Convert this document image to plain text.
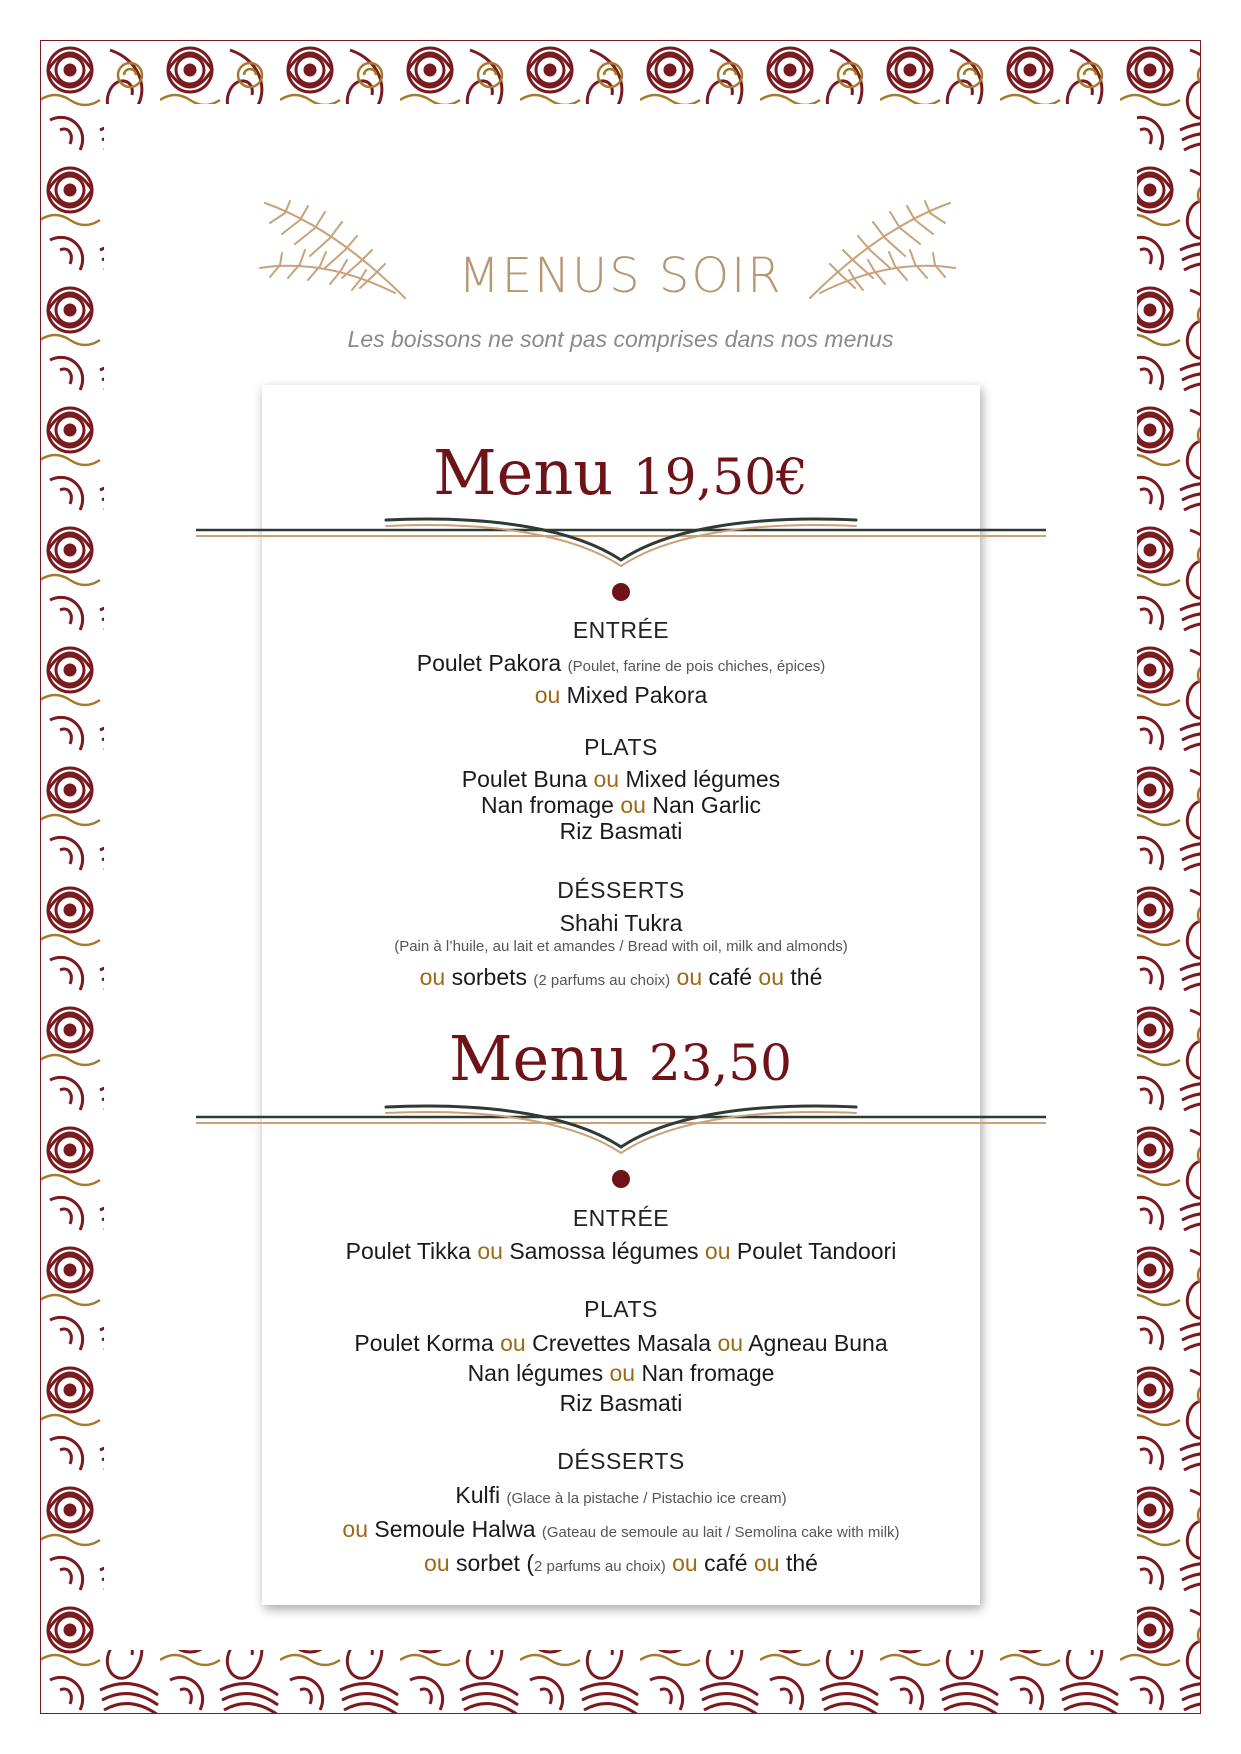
MENUS SOIR
Les boissons ne sont pas comprises dans nos menus
Menu 19,50€
ENTRÉE
Poulet Pakora (Poulet, farine de pois chiches, épices)
ou Mixed Pakora
PLATS
Poulet Buna ou Mixed légumes
Nan fromage ou Nan Garlic
Riz Basmati
DÉSSERTS
Shahi Tukra
(Pain à l’huile, au lait et amandes / Bread with oil, milk and almonds)
ou sorbets (2 parfums au choix) ou café ou thé
Menu 23,50
ENTRÉE
Poulet Tikka ou Samossa légumes ou Poulet Tandoori
PLATS
Poulet Korma ou Crevettes Masala ou Agneau Buna
Nan légumes ou Nan fromage
Riz Basmati
DÉSSERTS
Kulfi (Glace à la pistache / Pistachio ice cream)
ou Semoule Halwa (Gateau de semoule au lait / Semolina cake with milk)
ou sorbet (2 parfums au choix) ou café ou thé
